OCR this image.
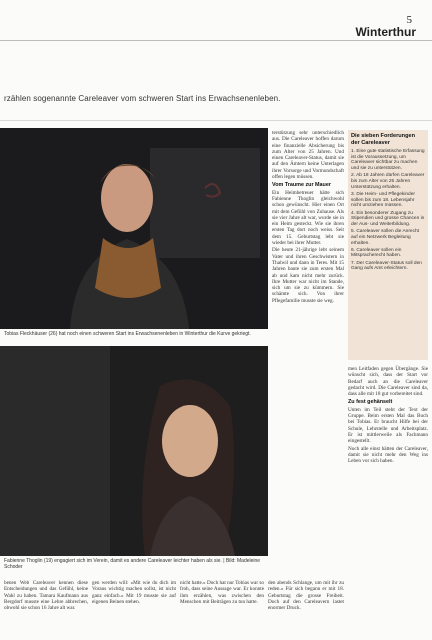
5
Winterthur
rzählen sogenannte Careleaver vom schweren Start ins Erwachsenenleben.
Tobias Fleckhäuser (26) hat noch einen schweren Start ins Erwachsenenleben in Winterthur die Kurve gekriegt.
Fabienne Thoglin (19) engagiert sich im Verein, damit es andere Careleaver leichter haben als sie. | Bild: Madeleine Schoder

terstützung sehr unterschiedlich aus. Die Careleaver hoffen darum eine finanzielle Absicherung bis zum Alter von 25 Jahren. Und einen Careleaver-Status, damit sie auf den Ämtern keine Unterlagen ihrer Vorsorge und Vormundschaft offen legen müssen.

Vom Traume zur Mauer

Ein Heimbetreuer hätte sich Fabienne Thoglin gleichwohl schon gewünscht. Hier einen Ort mit dem Gefühl von Zuhause. Als sie vier Jahre alt war, wurde sie in ein Heim gesteckt. Wie sie ihren ersten Tag dort noch weiss. Seit dem 15. Geburtstag lebt sie wieder bei ihrer Mutter.

Die heute 21-jährige lebt seinem Vater und ihren Geschwistern in Thalwil und dann in Teres. Mit 15 Jahren baute sie zum ersten Mal ab und kam nicht mehr zurück. Ihre Mutter war nicht im Stande, sich um sie zu kümmern. Sie schämte sich. Von ihrer Pflegefamilie musste sie weg.

Die sieben Forderungen der Careleaver
1. Eine gute statistische Erfassung ist die Voraussetzung, um Careleaver sichtbar zu machen und sie zu unterstützen.
2. Ab 18 Jahren dürfen Careleaver bis zum Alter von 25 Jahren Unterstützung erhalten.
3. Die Heim- und Pflegekinder sollen bis zum 18. Lebensjahr nicht umziehen müssen.
4. Ein besonderer Zugang zu Stipendien und grosse Chancen in der Aus- und Weiterbildung.
5. Careleaver sollen die Anrecht auf ein Netzwerk Begleitung erhalten.
6. Careleaver sollen ein Mitspracherecht haben.
7. Der Careleaver-Status soll den Gang aufs Amt erleichtern.

men Leitfaden gegen Übergänge. Sie wünscht sich, dass der Start vor Bedarf auch an die Careleaver gedacht wird. Die Careleaver sind da, dass alle mit 18 gut vorbereitet sind.

Zu fest gehänselt

Unten im Teil steht der Text der Gruppe. Beim ersten Mal das Buch bei Tobias. Er braucht Hilfe bei der Schule, Lehrstelle und Arbeitsplatz. Er ist mittlerweile als Fachmann eingestellt.

Noch alle einst hätten der Careleaver, damit sie nicht mehr den Weg ins Leben vor sich haben.

benen Web Careleaver kennen diese Entscheidungen und das Gefühl, keine Wahl zu haben. Tamara Kaufmann aus Bergdorf musste eine Lehre abbrechen, obwohl sie schon 16 Jahre alt war.
gen werden will: «Mit wie du dich im Voraus wichtig machen sollst, ist nicht ganz einfach.» Mit 19 musste sie auf eigenen Beinen stehen.
nicht hatte.» Doch hat nur Tobias war so froh, dass seine Aussage war. Er konnte ihm erzählen, was zwischen den Menschen mit Beiträgen zu tun hatte.
den abends Schlange, um mit ihr zu reden.» Für sich begann er mit 18. Geburtstag die grosse Freiheit. Doch auf den Careleavern lastet enormer Druck.
